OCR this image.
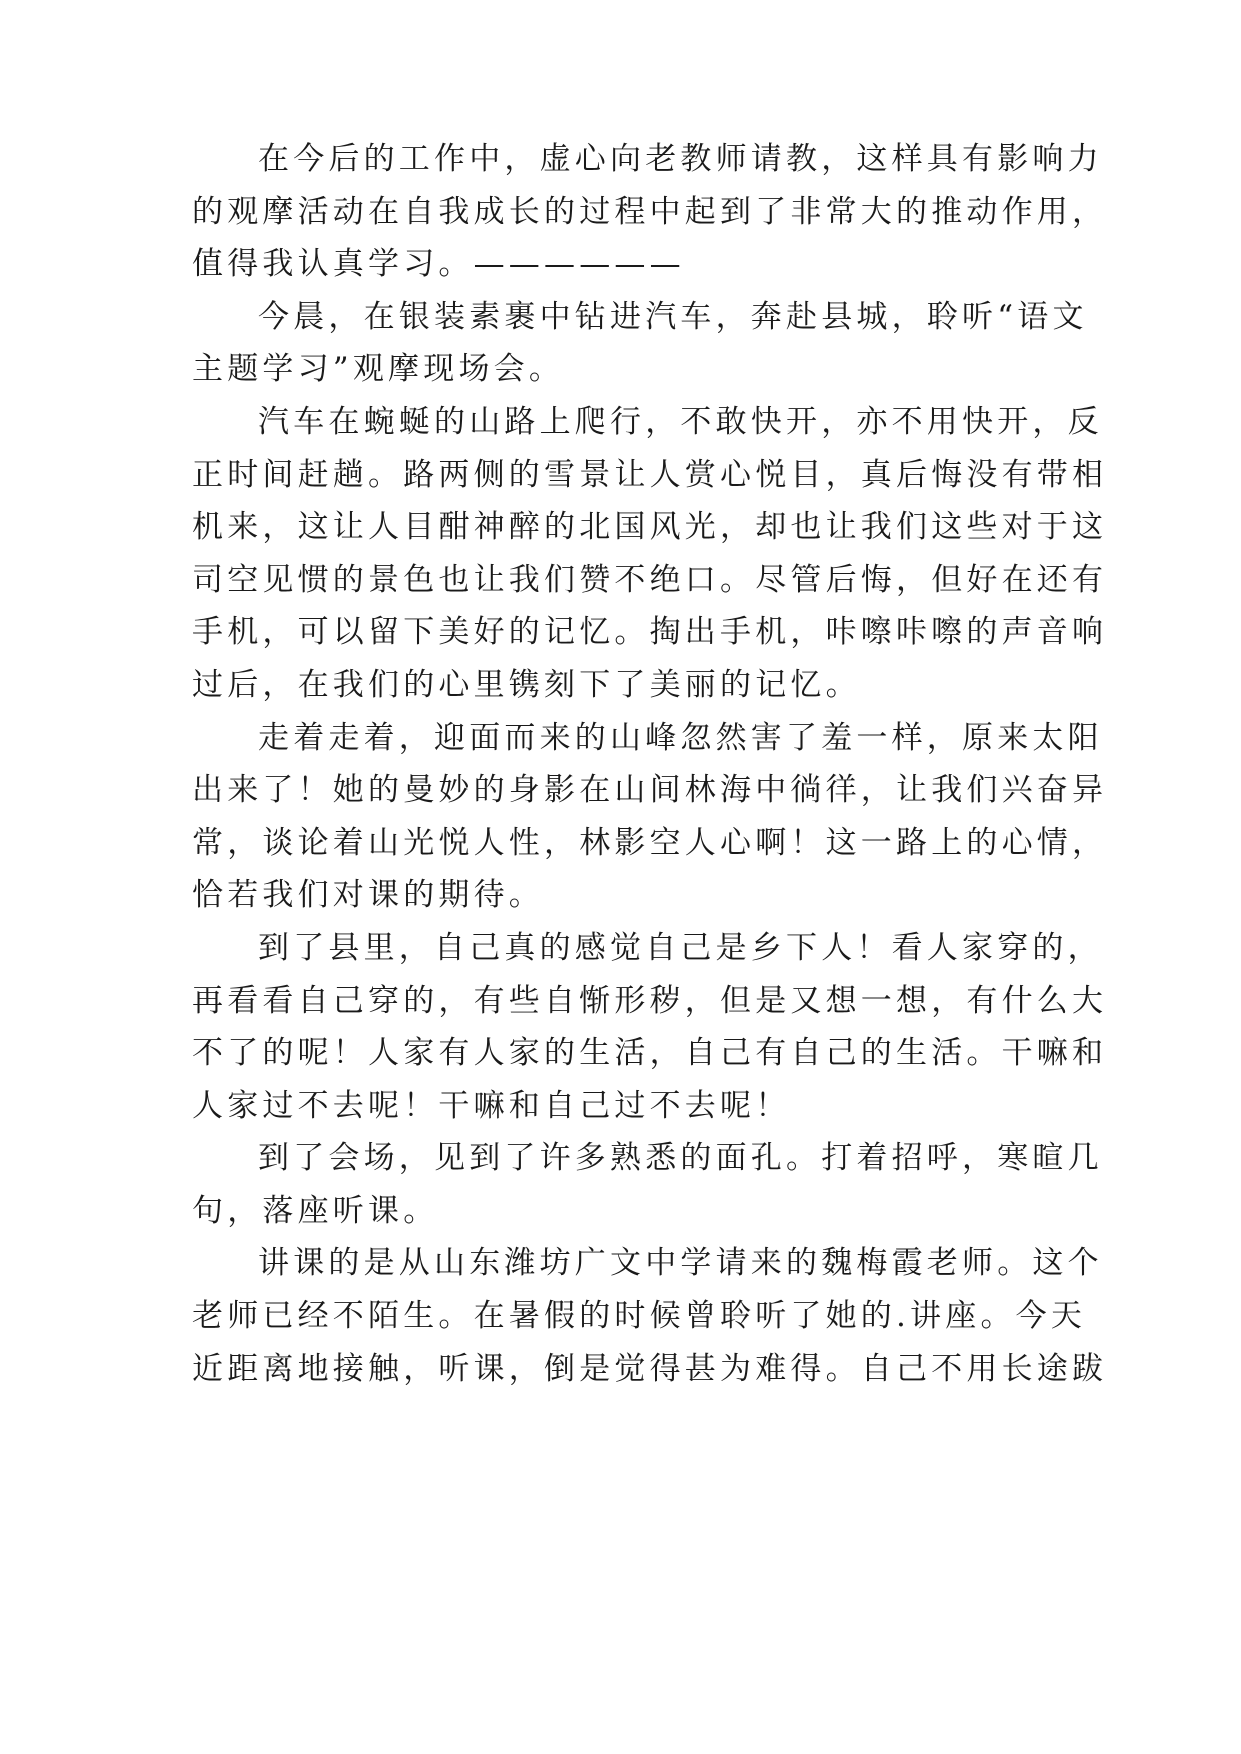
在今后的工作中，虚心向老教师请教，这样具有影响力
的观摩活动在自我成长的过程中起到了非常大的推动作用，
值得我认真学习。——————
今晨，在银装素裹中钻进汽车，奔赴县城，聆听“语文
主题学习”观摩现场会。
汽车在蜿蜒的山路上爬行，不敢快开，亦不用快开，反
正时间赶趟。路两侧的雪景让人赏心悦目，真后悔没有带相
机来，这让人目酣神醉的北国风光，却也让我们这些对于这
司空见惯的景色也让我们赞不绝口。尽管后悔，但好在还有
手机，可以留下美好的记忆。掏出手机，咔嚓咔嚓的声音响
过后，在我们的心里镌刻下了美丽的记忆。
走着走着，迎面而来的山峰忽然害了羞一样，原来太阳
出来了！她的曼妙的身影在山间林海中徜徉，让我们兴奋异
常，谈论着山光悦人性，林影空人心啊！这一路上的心情，
恰若我们对课的期待。
到了县里，自己真的感觉自己是乡下人！看人家穿的，
再看看自己穿的，有些自惭形秽，但是又想一想，有什么大
不了的呢！人家有人家的生活，自己有自己的生活。干嘛和
人家过不去呢！干嘛和自己过不去呢！
到了会场，见到了许多熟悉的面孔。打着招呼，寒暄几
句，落座听课。
讲课的是从山东潍坊广文中学请来的魏梅霞老师。这个
老师已经不陌生。在暑假的时候曾聆听了她的.讲座。今天
近距离地接触，听课，倒是觉得甚为难得。自己不用长途跋
